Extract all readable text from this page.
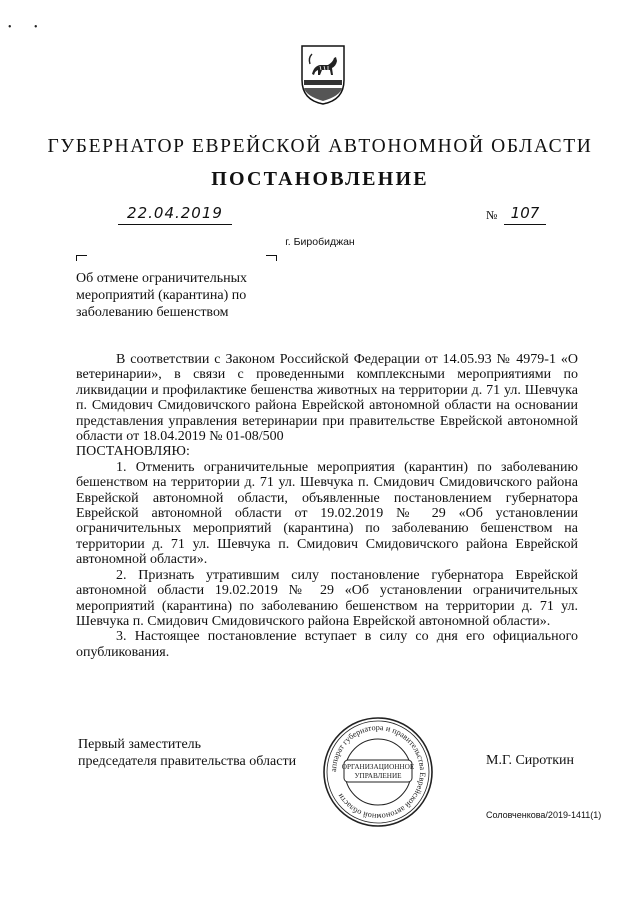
• •
ГУБЕРНАТОР ЕВРЕЙСКОЙ АВТОНОМНОЙ ОБЛАСТИ
ПОСТАНОВЛЕНИЕ
22.04.2019	№ 107
г. Биробиджан
Об отмене ограничительных
мероприятий (карантина) по
заболеванию бешенством

В соответствии с Законом Российской Федерации от 14.05.93 № 4979-1 «О ветеринарии», в связи с проведенными комплексными мероприятиями по ликвидации и профилактике бешенства животных на территории д. 71 ул. Шевчука п. Смидович Смидовичского района Еврейской автономной области на основании представления управления ветеринарии при правительстве Еврейской автономной области от 18.04.2019 № 01-08/500

ПОСТАНОВЛЯЮ:

1. Отменить ограничительные мероприятия (карантин) по заболеванию бешенством на территории д. 71 ул. Шевчука п. Смидович Смидовичского района Еврейской автономной области, объявленные постановлением губернатора Еврейской автономной области от 19.02.2019 № 29 «Об установлении ограничительных мероприятий (карантина) по заболеванию бешенством на территории д. 71 ул. Шевчука п. Смидович Смидовичского района Еврейской автономной области».

2. Признать утратившим силу постановление губернатора Еврейской автономной области 19.02.2019 № 29 «Об установлении ограничительных мероприятий (карантина) по заболеванию бешенством на территории д. 71 ул. Шевчука п. Смидович Смидовичского района Еврейской автономной области».

3. Настоящее постановление вступает в силу со дня его официального опубликования.

Первый заместитель
председателя правительства области
аппарат губернатора и правительства Еврейской автономной области
ОРГАНИЗАЦИОННОЕ
УПРАВЛЕНИЕ
М.Г. Сироткин
Соловченкова/2019-1411(1)
